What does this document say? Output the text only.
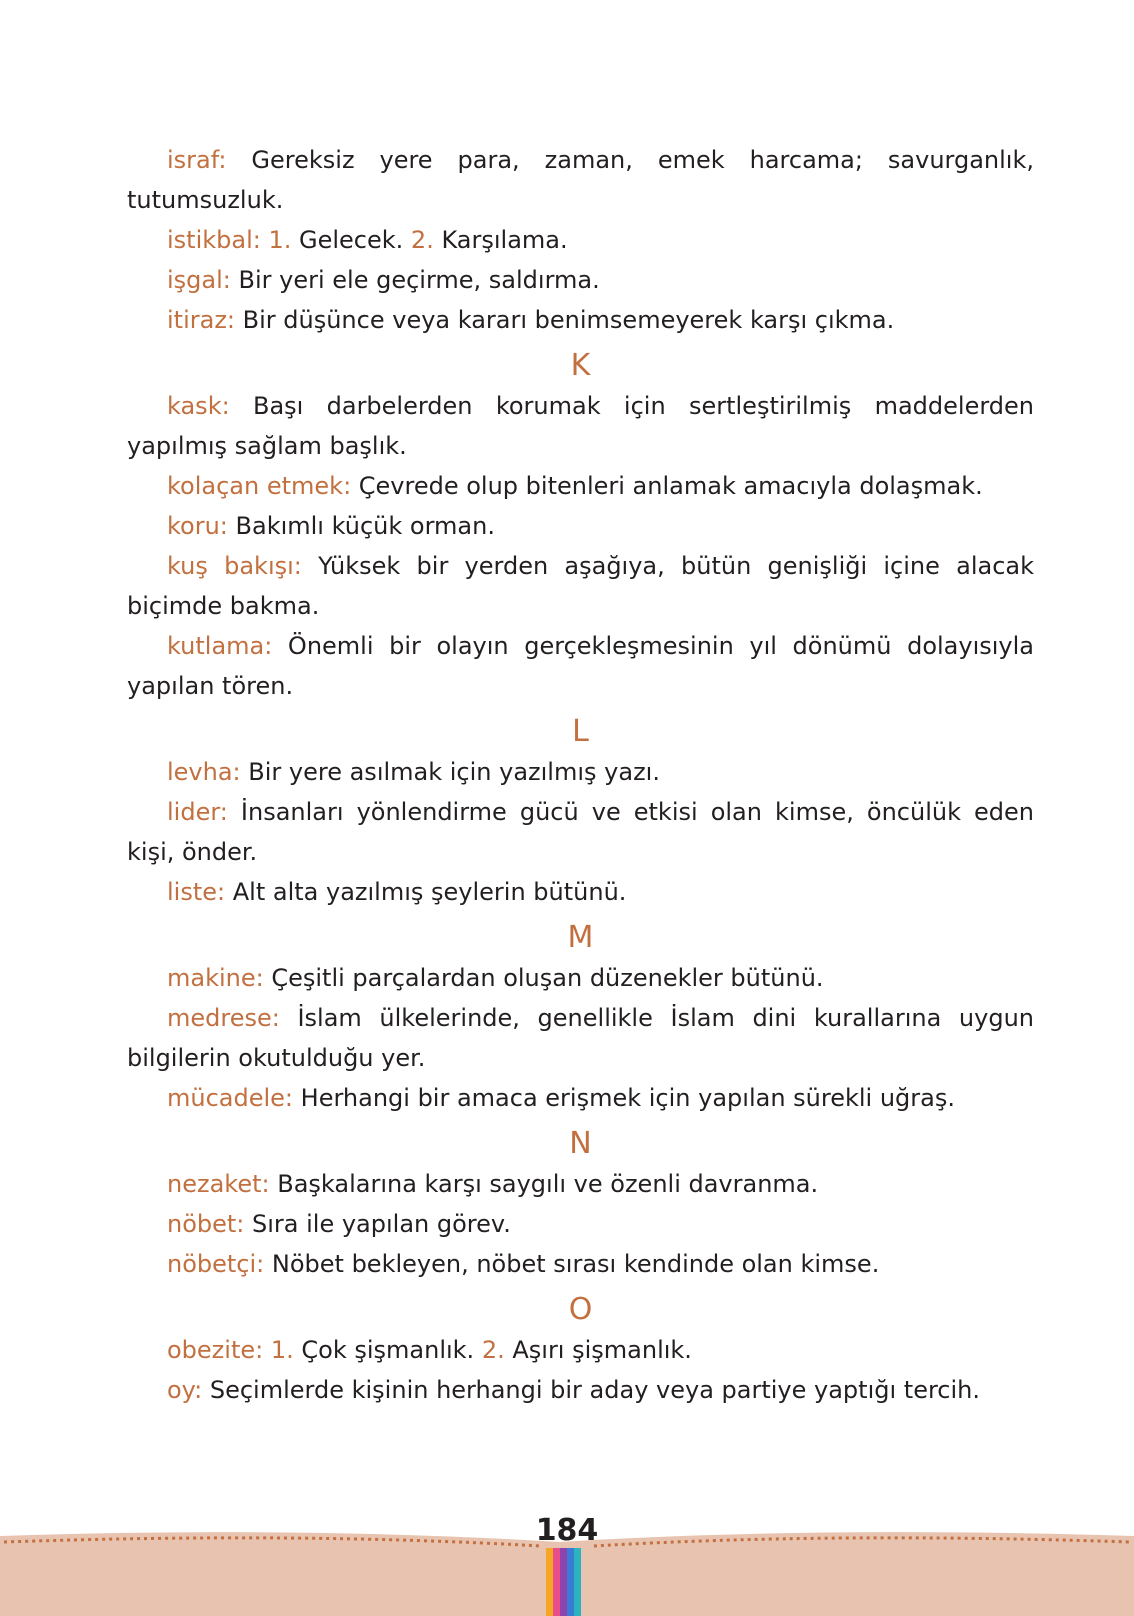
israf: Gereksiz yere para, zaman, emek harcama; savurganlık, tutumsuzluk.

istikbal: 1. Gelecek. 2. Karşılama.

işgal: Bir yeri ele geçirme, saldırma.

itiraz: Bir düşünce veya kararı benimsemeyerek karşı çıkma.

K

kask: Başı darbelerden korumak için sertleştirilmiş maddelerden yapılmış sağlam başlık.

kolaçan etmek: Çevrede olup bitenleri anlamak amacıyla dolaşmak.

koru: Bakımlı küçük orman.

kuş bakışı: Yüksek bir yerden aşağıya, bütün genişliği içine alacak biçimde bakma.

kutlama: Önemli bir olayın gerçekleşmesinin yıl dönümü dolayısıyla yapılan tören.

L

levha: Bir yere asılmak için yazılmış yazı.

lider: İnsanları yönlendirme gücü ve etkisi olan kimse, öncülük eden kişi, önder.

liste: Alt alta yazılmış şeylerin bütünü.

M

makine: Çeşitli parçalardan oluşan düzenekler bütünü.

medrese: İslam ülkelerinde, genellikle İslam dini kurallarına uygun bilgilerin okutulduğu yer.

mücadele: Herhangi bir amaca erişmek için yapılan sürekli uğraş.

N

nezaket: Başkalarına karşı saygılı ve özenli davranma.

nöbet: Sıra ile yapılan görev.

nöbetçi: Nöbet bekleyen, nöbet sırası kendinde olan kimse.

O

obezite: 1. Çok şişmanlık. 2. Aşırı şişmanlık.

oy: Seçimlerde kişinin herhangi bir aday veya partiye yaptığı tercih.

184
